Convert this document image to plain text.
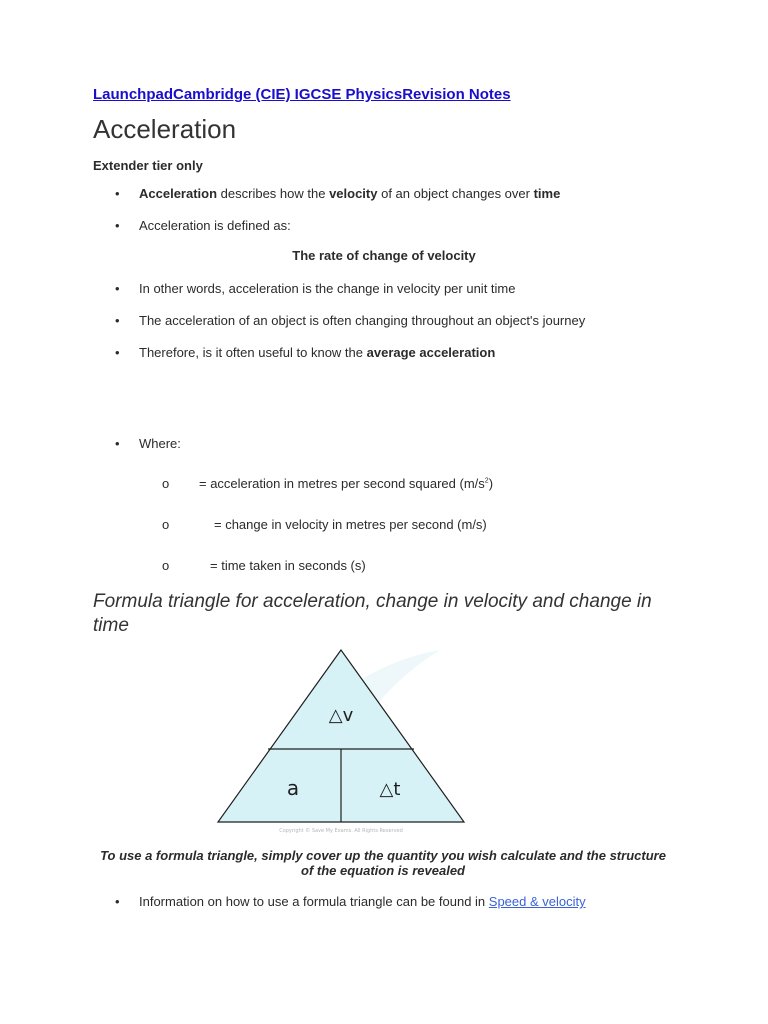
LaunchpadCambridge (CIE) IGCSE PhysicsRevision Notes
Acceleration
Extender tier only
• Acceleration describes how the velocity of an object changes over time
• Acceleration is defined as:
The rate of change of velocity
• In other words, acceleration is the change in velocity per unit time
• The acceleration of an object is often changing throughout an object's journey
• Therefore, is it often useful to know the average acceleration
• Where:
o = acceleration in metres per second squared $(m/s^2)$
o	= change in velocity in metres per second (m/s)
o	= time taken in seconds (s)
Formula triangle for acceleration, change in velocity and change in time
△v
a	△t
Copyright © Save My Exams. All Rights Reserved
To use a formula triangle, simply cover up the quantity you wish calculate and the structure of the equation is revealed
• Information on how to use a formula triangle can be found in Speed & velocity
